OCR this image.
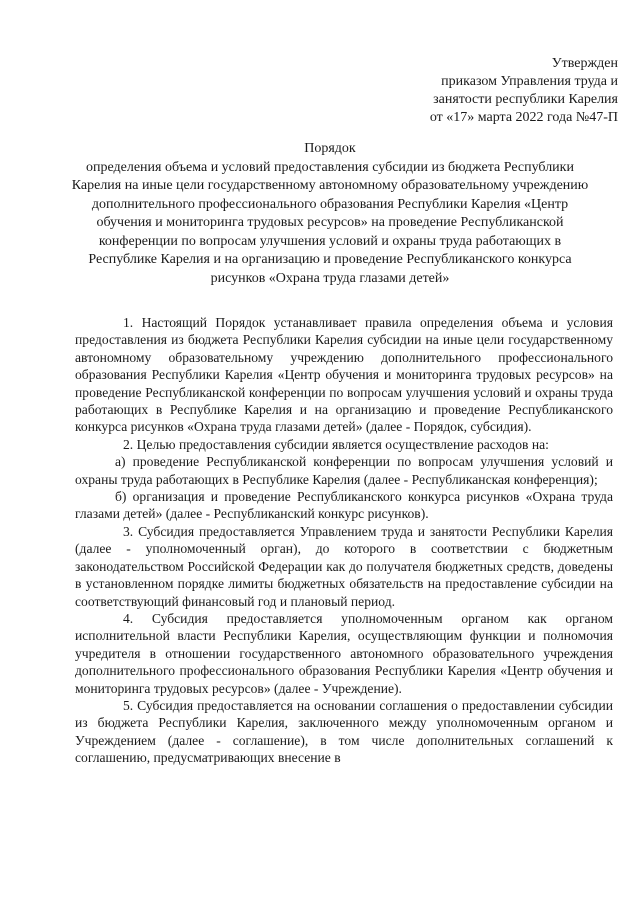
Утвержден
приказом Управления труда и
занятости республики Карелия
от «17» марта 2022 года №47-П
Порядок
определения объема и условий предоставления субсидии из бюджета Республики Карелия на иные цели государственному автономному образовательному учреждению дополнительного профессионального образования Республики Карелия «Центр обучения и мониторинга трудовых ресурсов» на проведение Республиканской конференции по вопросам улучшения условий и охраны труда работающих в Республике Карелия и на организацию и проведение Республиканского конкурса рисунков «Охрана труда глазами детей»

1. Настоящий Порядок устанавливает правила определения объема и условия предоставления из бюджета Республики Карелия субсидии на иные цели государственному автономному образовательному учреждению дополнительного профессионального образования Республики Карелия «Центр обучения и мониторинга трудовых ресурсов» на проведение Республиканской конференции по вопросам улучшения условий и охраны труда работающих в Республике Карелия и на организацию и проведение Республиканского конкурса рисунков «Охрана труда глазами детей» (далее - Порядок, субсидия).

2. Целью предоставления субсидии является осуществление расходов на:

а) проведение Республиканской конференции по вопросам улучшения условий и охраны труда работающих в Республике Карелия (далее - Республиканская конференция);

б) организация и проведение Республиканского конкурса рисунков «Охрана труда глазами детей» (далее - Республиканский конкурс рисунков).

3. Субсидия предоставляется Управлением труда и занятости Республики Карелия (далее - уполномоченный орган), до которого в соответствии с бюджетным законодательством Российской Федерации как до получателя бюджетных средств, доведены в установленном порядке лимиты бюджетных обязательств на предоставление субсидии на соответствующий финансовый год и плановый период.

4. Субсидия предоставляется уполномоченным органом как органом исполнительной власти Республики Карелия, осуществляющим функции и полномочия учредителя в отношении государственного автономного образовательного учреждения дополнительного профессионального образования Республики Карелия «Центр обучения и мониторинга трудовых ресурсов» (далее - Учреждение).

5. Субсидия предоставляется на основании соглашения о предоставлении субсидии из бюджета Республики Карелия, заключенного между уполномоченным органом и Учреждением (далее - соглашение), в том числе дополнительных соглашений к соглашению, предусматривающих внесение в
